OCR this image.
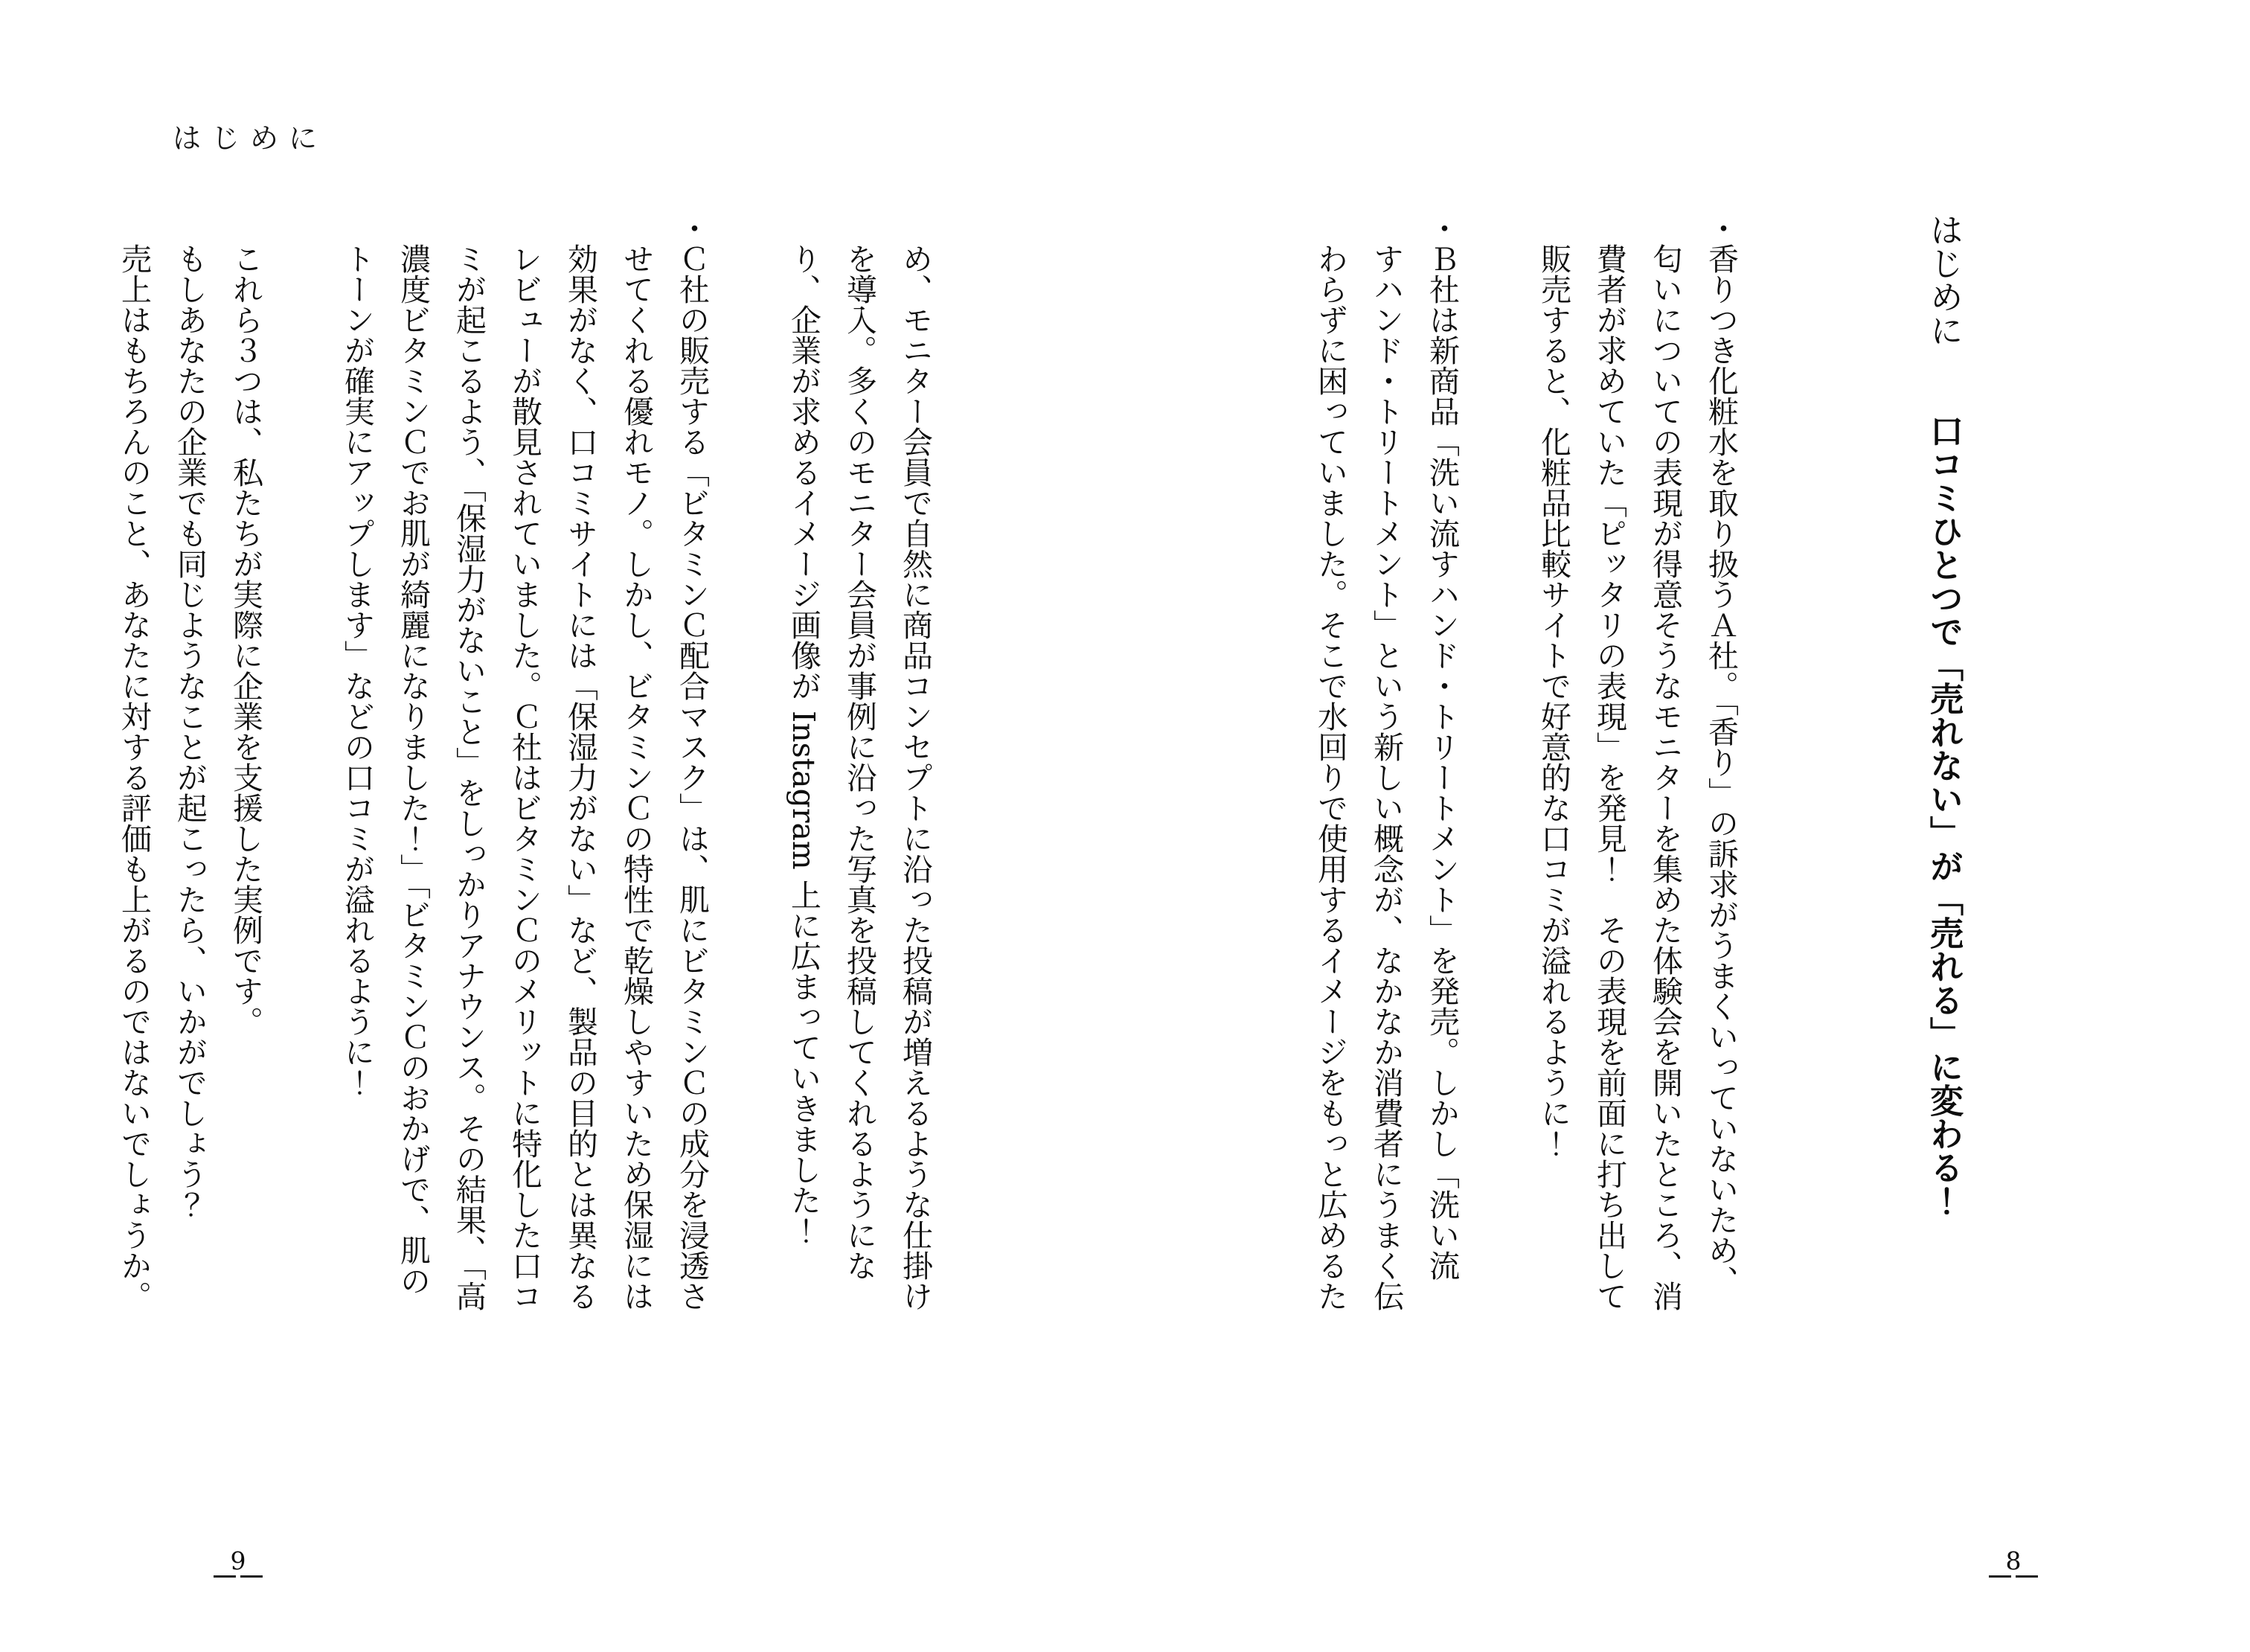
はじめに
はじめに口コミひとつで「売れない」が「売れる」に変わる！
・香りつき化粧水を取り扱うＡ社。「香り」の訴求がうまくいっていないため、
匂いについての表現が得意そうなモニターを集めた体験会を開いたところ、消
費者が求めていた「ピッタリの表現」を発見！　その表現を前面に打ち出して
販売すると、化粧品比較サイトで好意的な口コミが溢れるように！
・Ｂ社は新商品「洗い流すハンド・トリートメント」を発売。しかし「洗い流
すハンド・トリートメント」という新しい概念が、なかなか消費者にうまく伝
わらずに困っていました。そこで水回りで使用するイメージをもっと広めるた
8
め、モニター会員で自然に商品コンセプトに沿った投稿が増えるような仕掛け
を導入。多くのモニター会員が事例に沿った写真を投稿してくれるようにな
り、企業が求めるイメージ画像が Instagram 上に広まっていきました！
・Ｃ社の販売する「ビタミンＣ配合マスク」は、肌にビタミンＣの成分を浸透さ
せてくれる優れモノ。しかし、ビタミンＣの特性で乾燥しやすいため保湿には
効果がなく、口コミサイトには「保湿力がない」など、製品の目的とは異なる
レビューが散見されていました。Ｃ社はビタミンＣのメリットに特化した口コ
ミが起こるよう、「保湿力がないこと」をしっかりアナウンス。その結果、「高
濃度ビタミンＣでお肌が綺麗になりました！」「ビタミンＣのおかげで、肌の
トーンが確実にアップします」などの口コミが溢れるように！
これら３つは、私たちが実際に企業を支援した実例です。
もしあなたの企業でも同じようなことが起こったら、いかがでしょう？
売上はもちろんのこと、あなたに対する評価も上がるのではないでしょうか。
9
